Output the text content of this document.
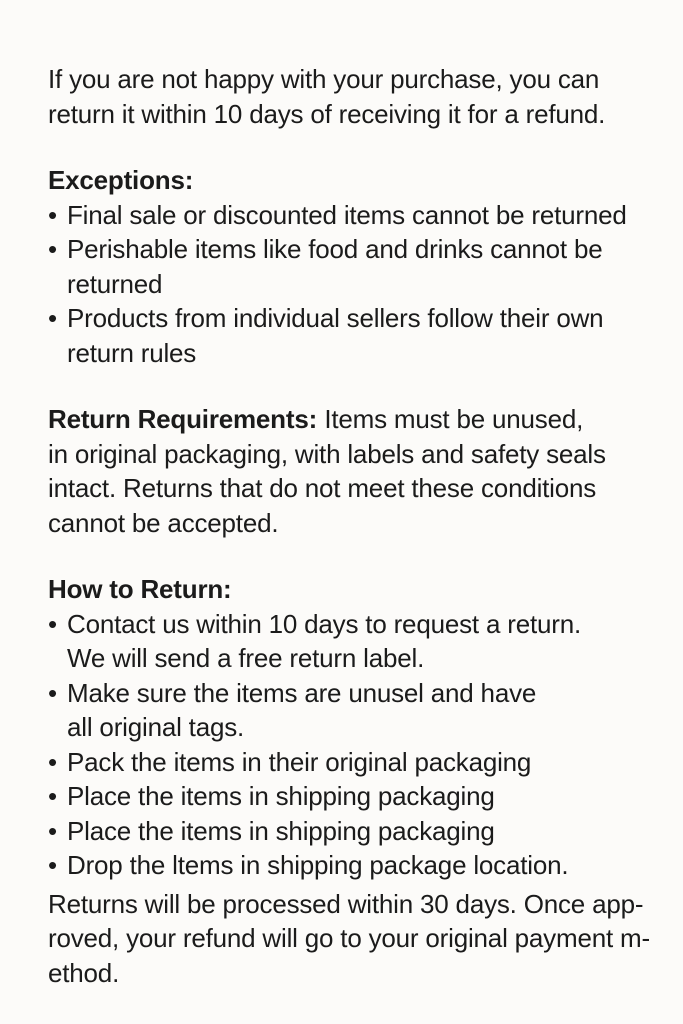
If you are not happy with your purchase, you can
return it within 10 days of receiving it for a refund.

Exceptions:
• Final sale or discounted items cannot be returned
• Perishable items like food and drinks cannot be
returned
• Products from individual sellers follow their own
return rules

Return Requirements: Items must be unused,
in original packaging, with labels and safety seals
intact. Returns that do not meet these conditions
cannot be accepted.

How to Return:
• Contact us within 10 days to request a return.
We will send a free return label.
• Make sure the items are unusel and have
all original tags.
• Pack the items in their original packaging
• Place the items in shipping packaging
• Place the items in shipping packaging
• Drop the ltems in shipping package location.

Returns will be processed within 30 days. Once app-
roved, your refund will go to your original payment m-
ethod.
